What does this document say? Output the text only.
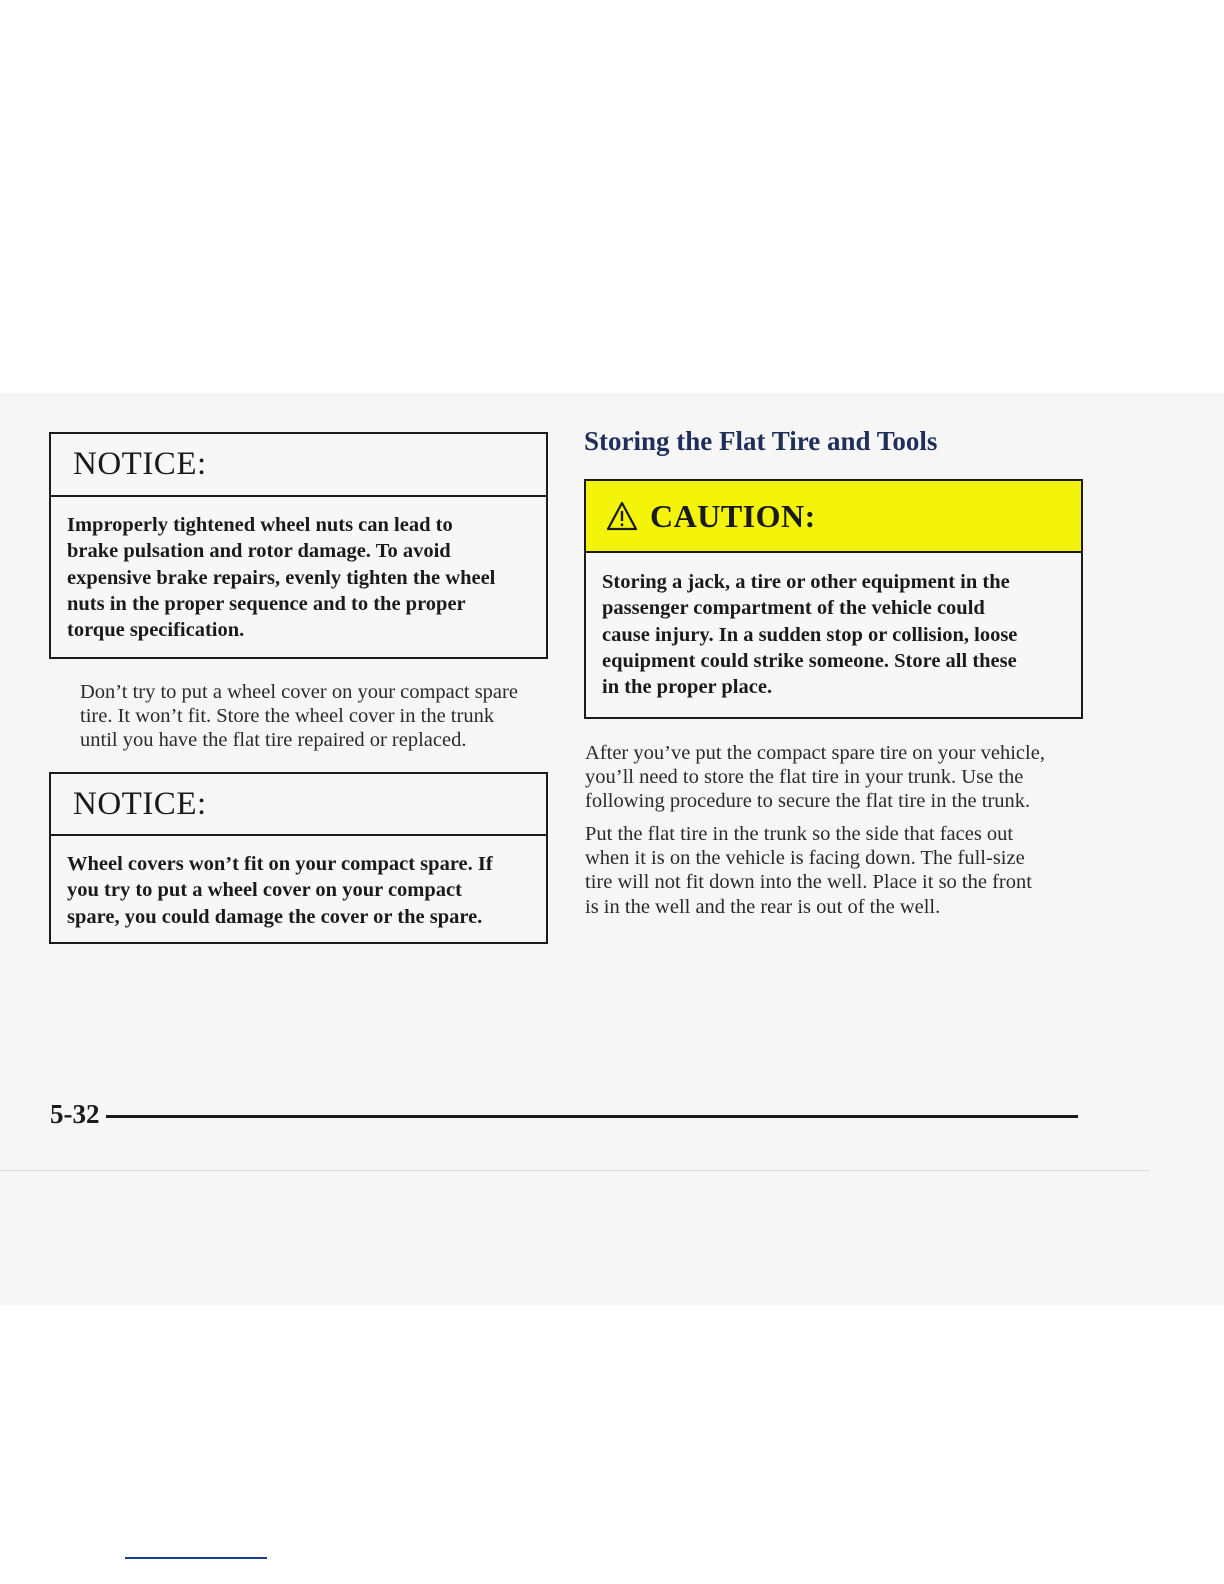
NOTICE:
Improperly tightened wheel nuts can lead to
brake pulsation and rotor damage. To avoid
expensive brake repairs, evenly tighten the wheel
nuts in the proper sequence and to the proper
torque specification.
Don’t try to put a wheel cover on your compact spare
tire. It won’t fit. Store the wheel cover in the trunk
until you have the flat tire repaired or replaced.
NOTICE:
Wheel covers won’t fit on your compact spare. If
you try to put a wheel cover on your compact
spare, you could damage the cover or the spare.
Storing the Flat Tire and Tools
CAUTION:
Storing a jack, a tire or other equipment in the
passenger compartment of the vehicle could
cause injury. In a sudden stop or collision, loose
equipment could strike someone. Store all these
in the proper place.
After you’ve put the compact spare tire on your vehicle,
you’ll need to store the flat tire in your trunk. Use the
following procedure to secure the flat tire in the trunk.
Put the flat tire in the trunk so the side that faces out
when it is on the vehicle is facing down. The full-size
tire will not fit down into the well. Place it so the front
is in the well and the rear is out of the well.
5-32
